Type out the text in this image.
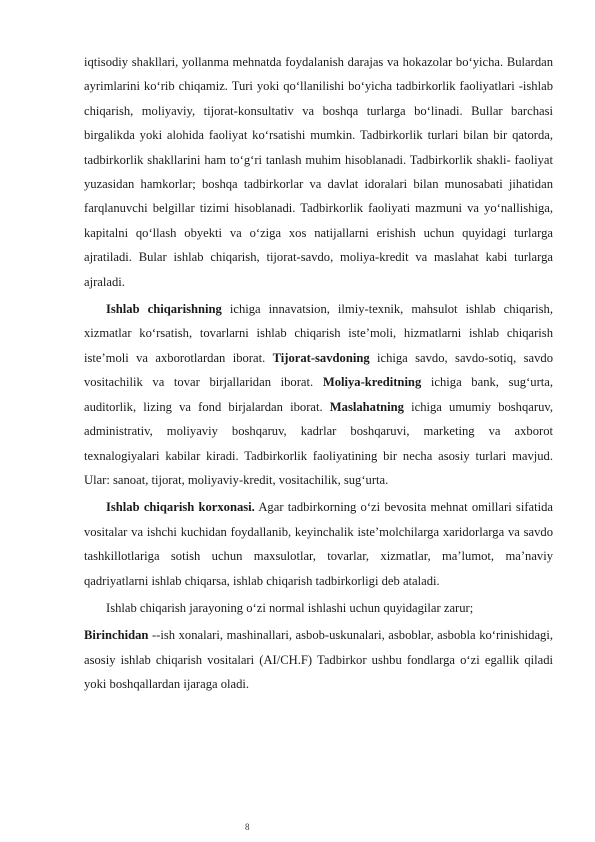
iqtisodiy shakllari, yollanma mehnatda foydalanish darajas va hokazolar boʻyicha. Bulardan ayrimlarini koʻrib chiqamiz. Turi yoki qoʻllanilishi boʻyicha tadbirkorlik faoliyatlari -ishlab chiqarish, moliyaviy, tijorat-konsultativ va boshqa turlarga boʻlinadi. Bullar barchasi birgalikda yoki alohida faoliyat koʻrsatishi mumkin. Tadbirkorlik turlari bilan bir qatorda, tadbirkorlik shakllarini ham toʻgʻri tanlash muhim hisoblanadi. Tadbirkorlik shakli- faoliyat yuzasidan hamkorlar; boshqa tadbirkorlar va davlat idoralari bilan munosabati jihatidan farqlanuvchi belgillar tizimi hisoblanadi. Tadbirkorlik faoliyati mazmuni va yoʻnallishiga, kapitalni qoʻllash obyekti va oʻziga xos natijallarni erishish uchun quyidagi turlarga ajratiladi. Bular ishlab chiqarish, tijorat-savdo, moliya-kredit va maslahat kabi turlarga ajraladi.

Ishlab chiqarishning ichiga innavatsion, ilmiy-texnik, mahsulot ishlab chiqarish, xizmatlar koʻrsatish, tovarlarni ishlab chiqarish isteʼmoli, hizmatlarni ishlab chiqarish isteʼmoli va axborotlardan iborat. Tijorat-savdoning ichiga savdo, savdo-sotiq, savdo vositachilik va tovar birjallaridan iborat. Moliya-kreditning ichiga bank, sugʻurta, auditorlik, lizing va fond birjalardan iborat. Maslahatning ichiga umumiy boshqaruv, administrativ, moliyaviy boshqaruv, kadrlar boshqaruvi, marketing va axborot texnalogiyalari kabilar kiradi. Tadbirkorlik faoliyatining bir necha asosiy turlari mavjud. Ular: sanoat, tijorat, moliyaviy-kredit, vositachilik, sugʻurta.

Ishlab chiqarish korxonasi. Agar tadbirkorning oʻzi bevosita mehnat omillari sifatida vositalar va ishchi kuchidan foydallanib, keyinchalik isteʼmolchilarga xaridorlarga va savdo tashkillotlariga sotish uchun maxsulotlar, tovarlar, xizmatlar, maʼlumot, maʼnaviy qadriyatlarni ishlab chiqarsa, ishlab chiqarish tadbirkorligi deb ataladi.

Ishlab chiqarish jarayoning oʻzi normal ishlashi uchun quyidagilar zarur;

Birinchidan --ish xonalari, mashinallari, asbob-uskunalari, asboblar, asbobla koʻrinishidagi, asosiy ishlab chiqarish vositalari (AI/CH.F) Tadbirkor ushbu fondlarga oʻzi egallik qiladi yoki boshqallardan ijaraga oladi.

8
